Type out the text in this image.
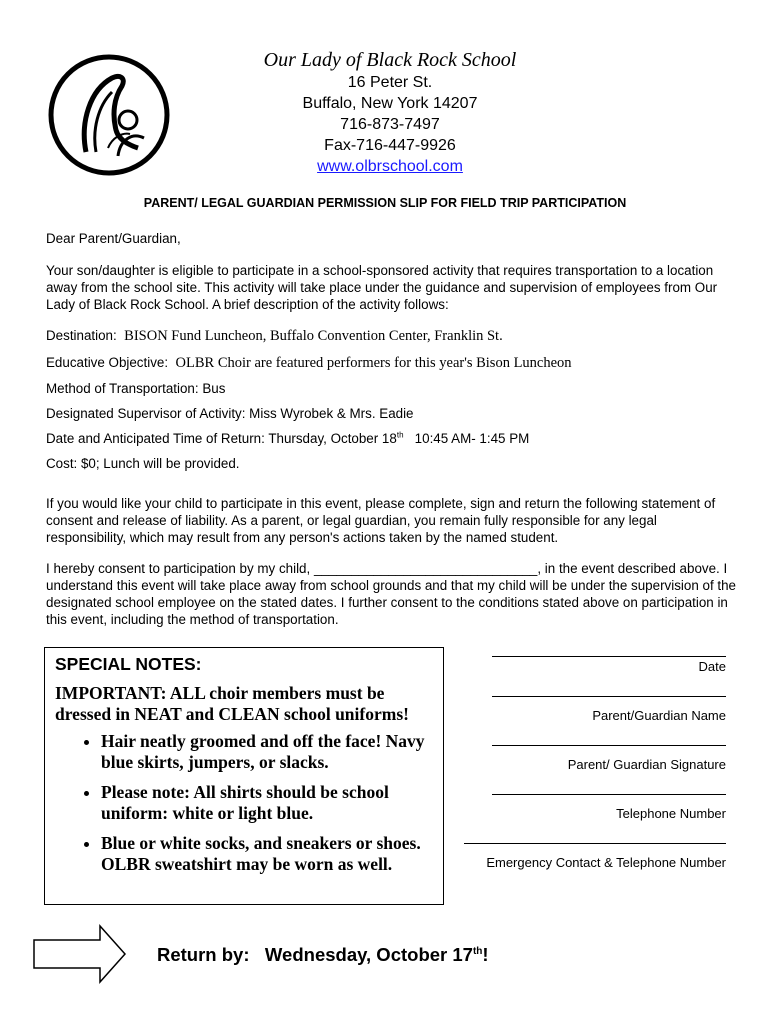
Our Lady of Black Rock School
16 Peter St.
Buffalo, New York 14207
716-873-7497
Fax-716-447-9926
www.olbrschool.com
PARENT/ LEGAL GUARDIAN PERMISSION SLIP FOR FIELD TRIP PARTICIPATION
Dear Parent/Guardian,
Your son/daughter is eligible to participate in a school-sponsored activity that requires transportation to a location away from the school site. This activity will take place under the guidance and supervision of employees from Our Lady of Black Rock School. A brief description of the activity follows:
Destination: BISON Fund Luncheon, Buffalo Convention Center, Franklin St.
Educative Objective: OLBR Choir are featured performers for this year's Bison Luncheon
Method of Transportation: Bus
Designated Supervisor of Activity: Miss Wyrobek & Mrs. Eadie
Date and Anticipated Time of Return: Thursday, October 18th   10:45 AM- 1:45 PM
Cost: $0; Lunch will be provided.
If you would like your child to participate in this event, please complete, sign and return the following statement of consent and release of liability. As a parent, or legal guardian, you remain fully responsible for any legal responsibility, which may result from any person's actions taken by the named student.
I hereby consent to participation by my child, ______________________________, in the event described above. I understand this event will take place away from school grounds and that my child will be under the supervision of the designated school employee on the stated dates. I further consent to the conditions stated above on participation in this event, including the method of transportation.
SPECIAL NOTES:

IMPORTANT: ALL choir members must be dressed in NEAT and CLEAN school uniforms!

• Hair neatly groomed and off the face! Navy blue skirts, jumpers, or slacks.
• Please note: All shirts should be school uniform: white or light blue.
• Blue or white socks, and sneakers or shoes. OLBR sweatshirt may be worn as well.
Date
Parent/Guardian Name
Parent/ Guardian Signature
Telephone Number
Emergency Contact & Telephone Number
Return by: Wednesday, October 17th!
